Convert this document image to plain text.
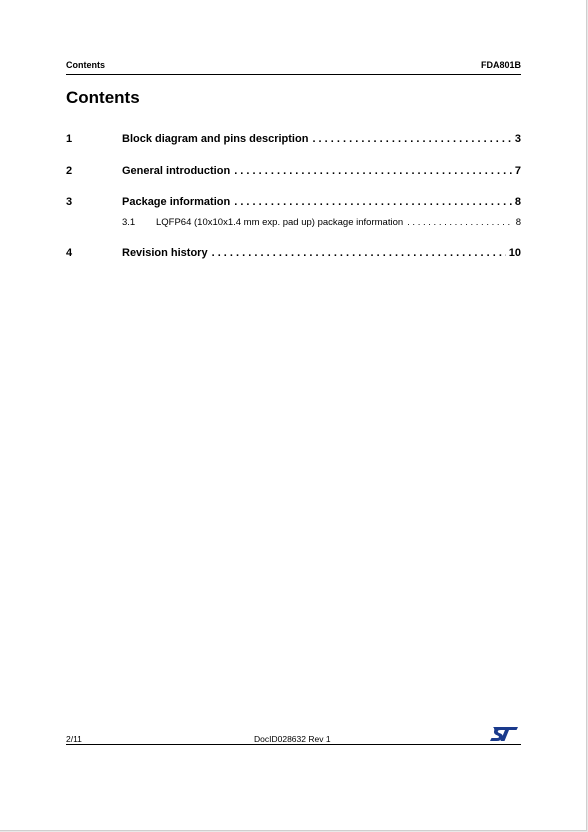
Contents	FDA801B
Contents
1	Block diagram and pins description . . .	3
2	General introduction . . .	7
3	Package information . . .	8
3.1	LQFP64 (10x10x1.4 mm exp. pad up) package information . . .	8
4	Revision history . . .	10
2/11	DocID028632 Rev 1
